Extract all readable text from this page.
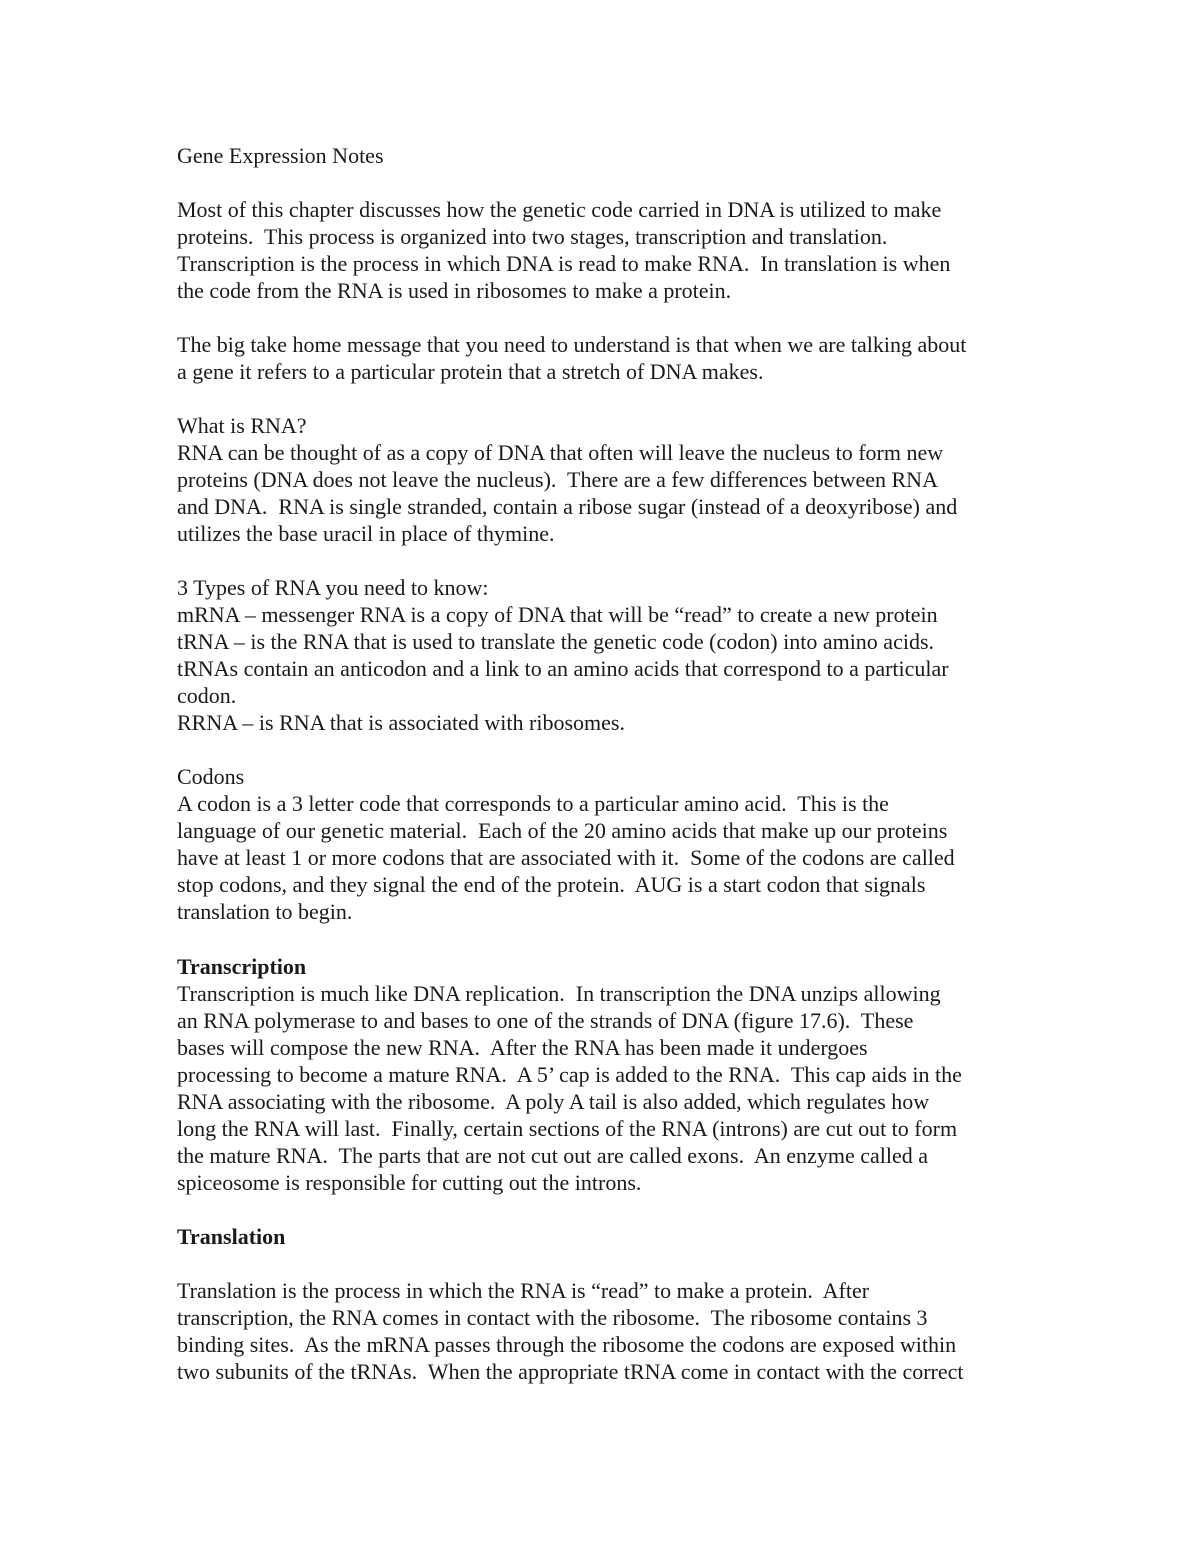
Gene Expression Notes
Most of this chapter discusses how the genetic code carried in DNA is utilized to make
proteins.  This process is organized into two stages, transcription and translation.
Transcription is the process in which DNA is read to make RNA.  In translation is when
the code from the RNA is used in ribosomes to make a protein.
The big take home message that you need to understand is that when we are talking about
a gene it refers to a particular protein that a stretch of DNA makes.
What is RNA?
RNA can be thought of as a copy of DNA that often will leave the nucleus to form new
proteins (DNA does not leave the nucleus).  There are a few differences between RNA
and DNA.  RNA is single stranded, contain a ribose sugar (instead of a deoxyribose) and
utilizes the base uracil in place of thymine.
3 Types of RNA you need to know:
mRNA – messenger RNA is a copy of DNA that will be “read” to create a new protein
tRNA – is the RNA that is used to translate the genetic code (codon) into amino acids.
tRNAs contain an anticodon and a link to an amino acids that correspond to a particular
codon.
RRNA – is RNA that is associated with ribosomes.
Codons
A codon is a 3 letter code that corresponds to a particular amino acid.  This is the
language of our genetic material.  Each of the 20 amino acids that make up our proteins
have at least 1 or more codons that are associated with it.  Some of the codons are called
stop codons, and they signal the end of the protein.  AUG is a start codon that signals
translation to begin.
Transcription
Transcription is much like DNA replication.  In transcription the DNA unzips allowing
an RNA polymerase to and bases to one of the strands of DNA (figure 17.6).  These
bases will compose the new RNA.  After the RNA has been made it undergoes
processing to become a mature RNA.  A 5’ cap is added to the RNA.  This cap aids in the
RNA associating with the ribosome.  A poly A tail is also added, which regulates how
long the RNA will last.  Finally, certain sections of the RNA (introns) are cut out to form
the mature RNA.  The parts that are not cut out are called exons.  An enzyme called a
spiceosome is responsible for cutting out the introns.
Translation
Translation is the process in which the RNA is “read” to make a protein.  After
transcription, the RNA comes in contact with the ribosome.  The ribosome contains 3
binding sites.  As the mRNA passes through the ribosome the codons are exposed within
two subunits of the tRNAs.  When the appropriate tRNA come in contact with the correct
